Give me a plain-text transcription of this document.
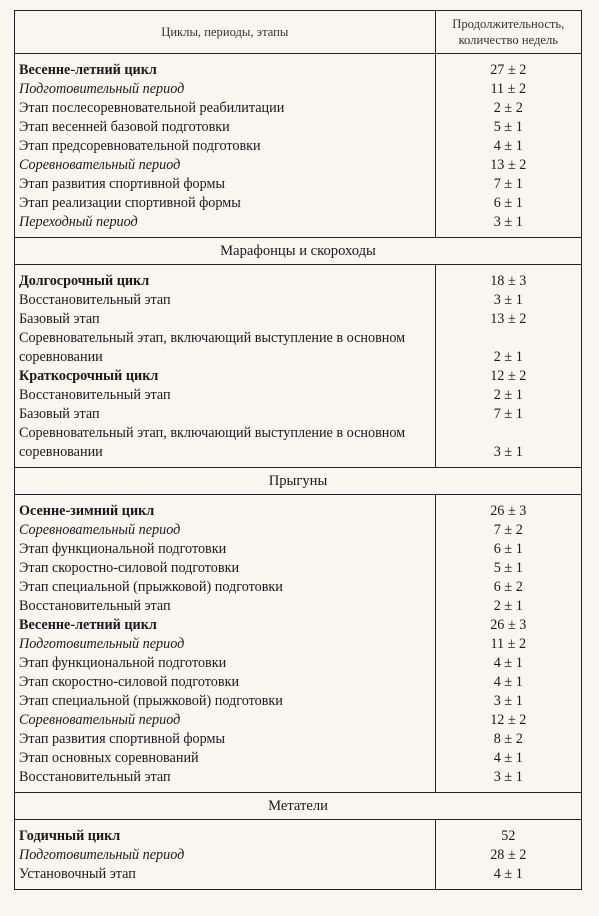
Циклы, периоды, этапы	Продолжительность, количество недель
Весенне-летний цикл	27 ± 2
Подготовительный период	11 ± 2
Этап послесоревновательной реабилитации	2 ± 2
Этап весенней базовой подготовки	5 ± 1
Этап предсоревновательной подготовки	4 ± 1
Соревновательный период	13 ± 2
Этап развития спортивной формы	7 ± 1
Этап реализации спортивной формы	6 ± 1
Переходный период	3 ± 1
Марафонцы и скороходы	
Долгосрочный цикл	18 ± 3
Восстановительный этап	3 ± 1
Базовый этап	13 ± 2
Соревновательный этап, включающий выступление в основном соревновании	2 ± 1
Краткосрочный цикл	12 ± 2
Восстановительный этап	2 ± 1
Базовый этап	7 ± 1
Соревновательный этап, включающий выступление в основном соревновании	3 ± 1
Прыгуны	
Осенне-зимний цикл	26 ± 3
Соревновательный период	7 ± 2
Этап функциональной подготовки	6 ± 1
Этап скоростно-силовой подготовки	5 ± 1
Этап специальной (прыжковой) подготовки	6 ± 2
Восстановительный этап	2 ± 1
Весенне-летний цикл	26 ± 3
Подготовительный период	11 ± 2
Этап функциональной подготовки	4 ± 1
Этап скоростно-силовой подготовки	4 ± 1
Этап специальной (прыжковой) подготовки	3 ± 1
Соревновательный период	12 ± 2
Этап развития спортивной формы	8 ± 2
Этап основных соревнований	4 ± 1
Восстановительный этап	3 ± 1
Метатели	
Годичный цикл	52
Подготовительный период	28 ± 2
Установочный этап	4 ± 1
